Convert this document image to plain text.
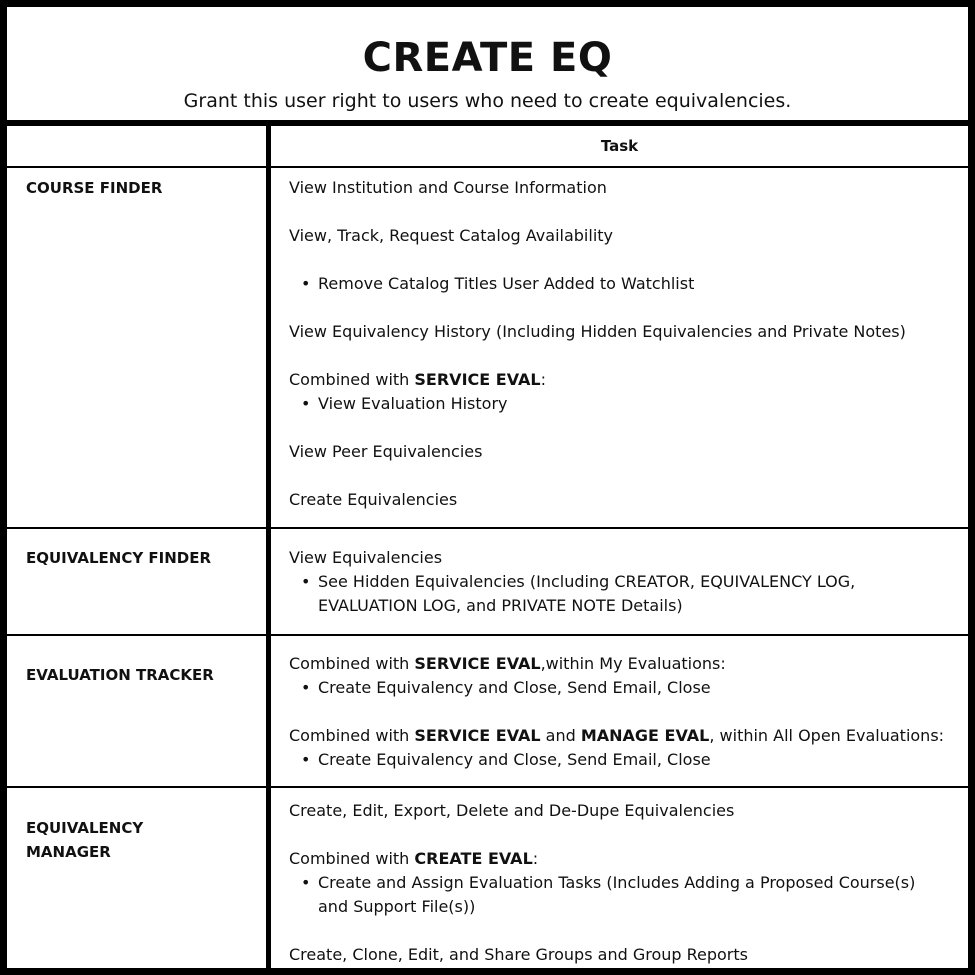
CREATE EQ
Grant this user right to users who need to create equivalencies.
Task
COURSE FINDER	View Institution and Course Information

View, Track, Request Catalog Availability

• Remove Catalog Titles User Added to Watchlist

View Equivalency History (Including Hidden Equivalencies and Private Notes)

Combined with SERVICE EVAL:

• View Evaluation History

View Peer Equivalencies

Create Equivalencies

EQUIVALENCY FINDER	View Equivalencies

• See Hidden Equivalencies (Including CREATOR, EQUIVALENCY LOG,
EVALUATION LOG, and PRIVATE NOTE Details)

EVALUATION TRACKER

Combined with SERVICE EVAL,within My Evaluations:

• Create Equivalency and Close, Send Email, Close

Combined with SERVICE EVAL and MANAGE EVAL, within All Open Evaluations:

• Create Equivalency and Close, Send Email, Close

EQUIVALENCY
MANAGER

Create, Edit, Export, Delete and De-Dupe Equivalencies

Combined with CREATE EVAL:

• Create and Assign Evaluation Tasks (Includes Adding a Proposed Course(s)
and Support File(s))

Create, Clone, Edit, and Share Groups and Group Reports
